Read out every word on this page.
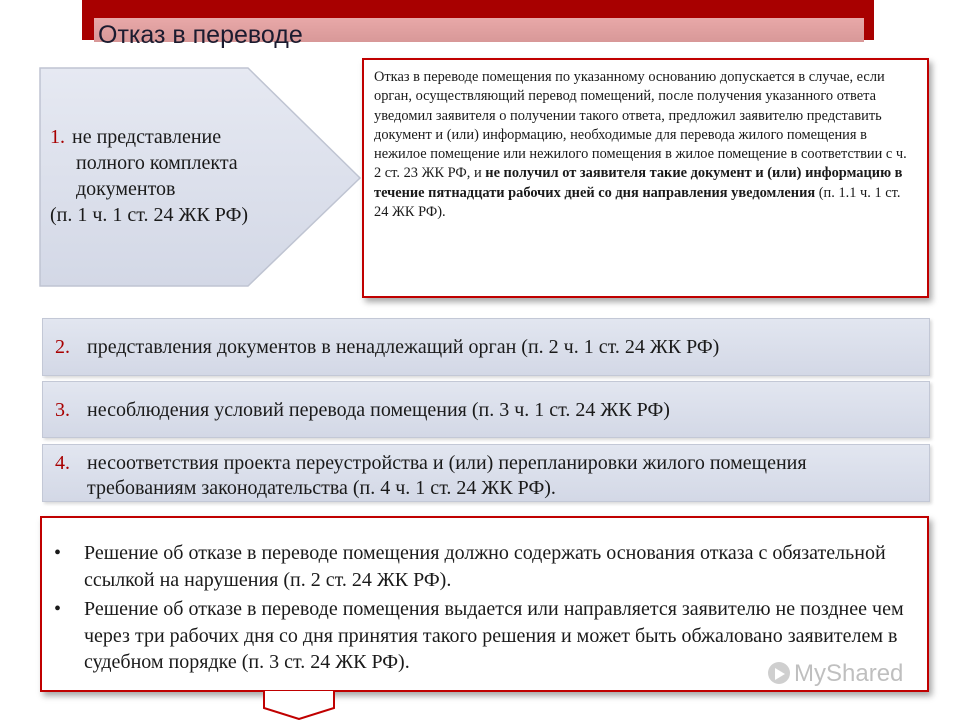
Отказ в переводе
1. не представление
полного комплекта
документов
(п. 1 ч. 1 ст. 24 ЖК РФ)
Отказ в переводе помещения по указанному основанию допускается в случае, если орган, осуществляющий перевод помещений, после получения указанного ответа уведомил заявителя о получении такого ответа, предложил заявителю представить документ и (или) информацию, необходимые для перевода жилого помещения в нежилое помещение или нежилого помещения в жилое помещение в соответствии с ч. 2 ст. 23 ЖК РФ, и не получил от заявителя такие документ и (или) информацию в течение пятнадцати рабочих дней со дня направления уведомления (п. 1.1 ч. 1 ст. 24 ЖК РФ).
2. представления документов в ненадлежащий орган (п. 2 ч. 1 ст. 24 ЖК РФ)
3. несоблюдения условий перевода помещения (п. 3 ч. 1 ст. 24 ЖК РФ)
4. несоответствия проекта переустройства и (или) перепланировки жилого помещения требованиям законодательства (п. 4 ч. 1 ст. 24 ЖК РФ).
•	Решение об отказе в переводе помещения должно содержать основания отказа с обязательной ссылкой на нарушения (п. 2 ст. 24 ЖК РФ).
•	Решение об отказе в переводе помещения выдается или направляется заявителю не позднее чем через три рабочих дня со дня принятия такого решения и может быть обжаловано заявителем в судебном порядке (п. 3 ст. 24 ЖК РФ).	MyShared
